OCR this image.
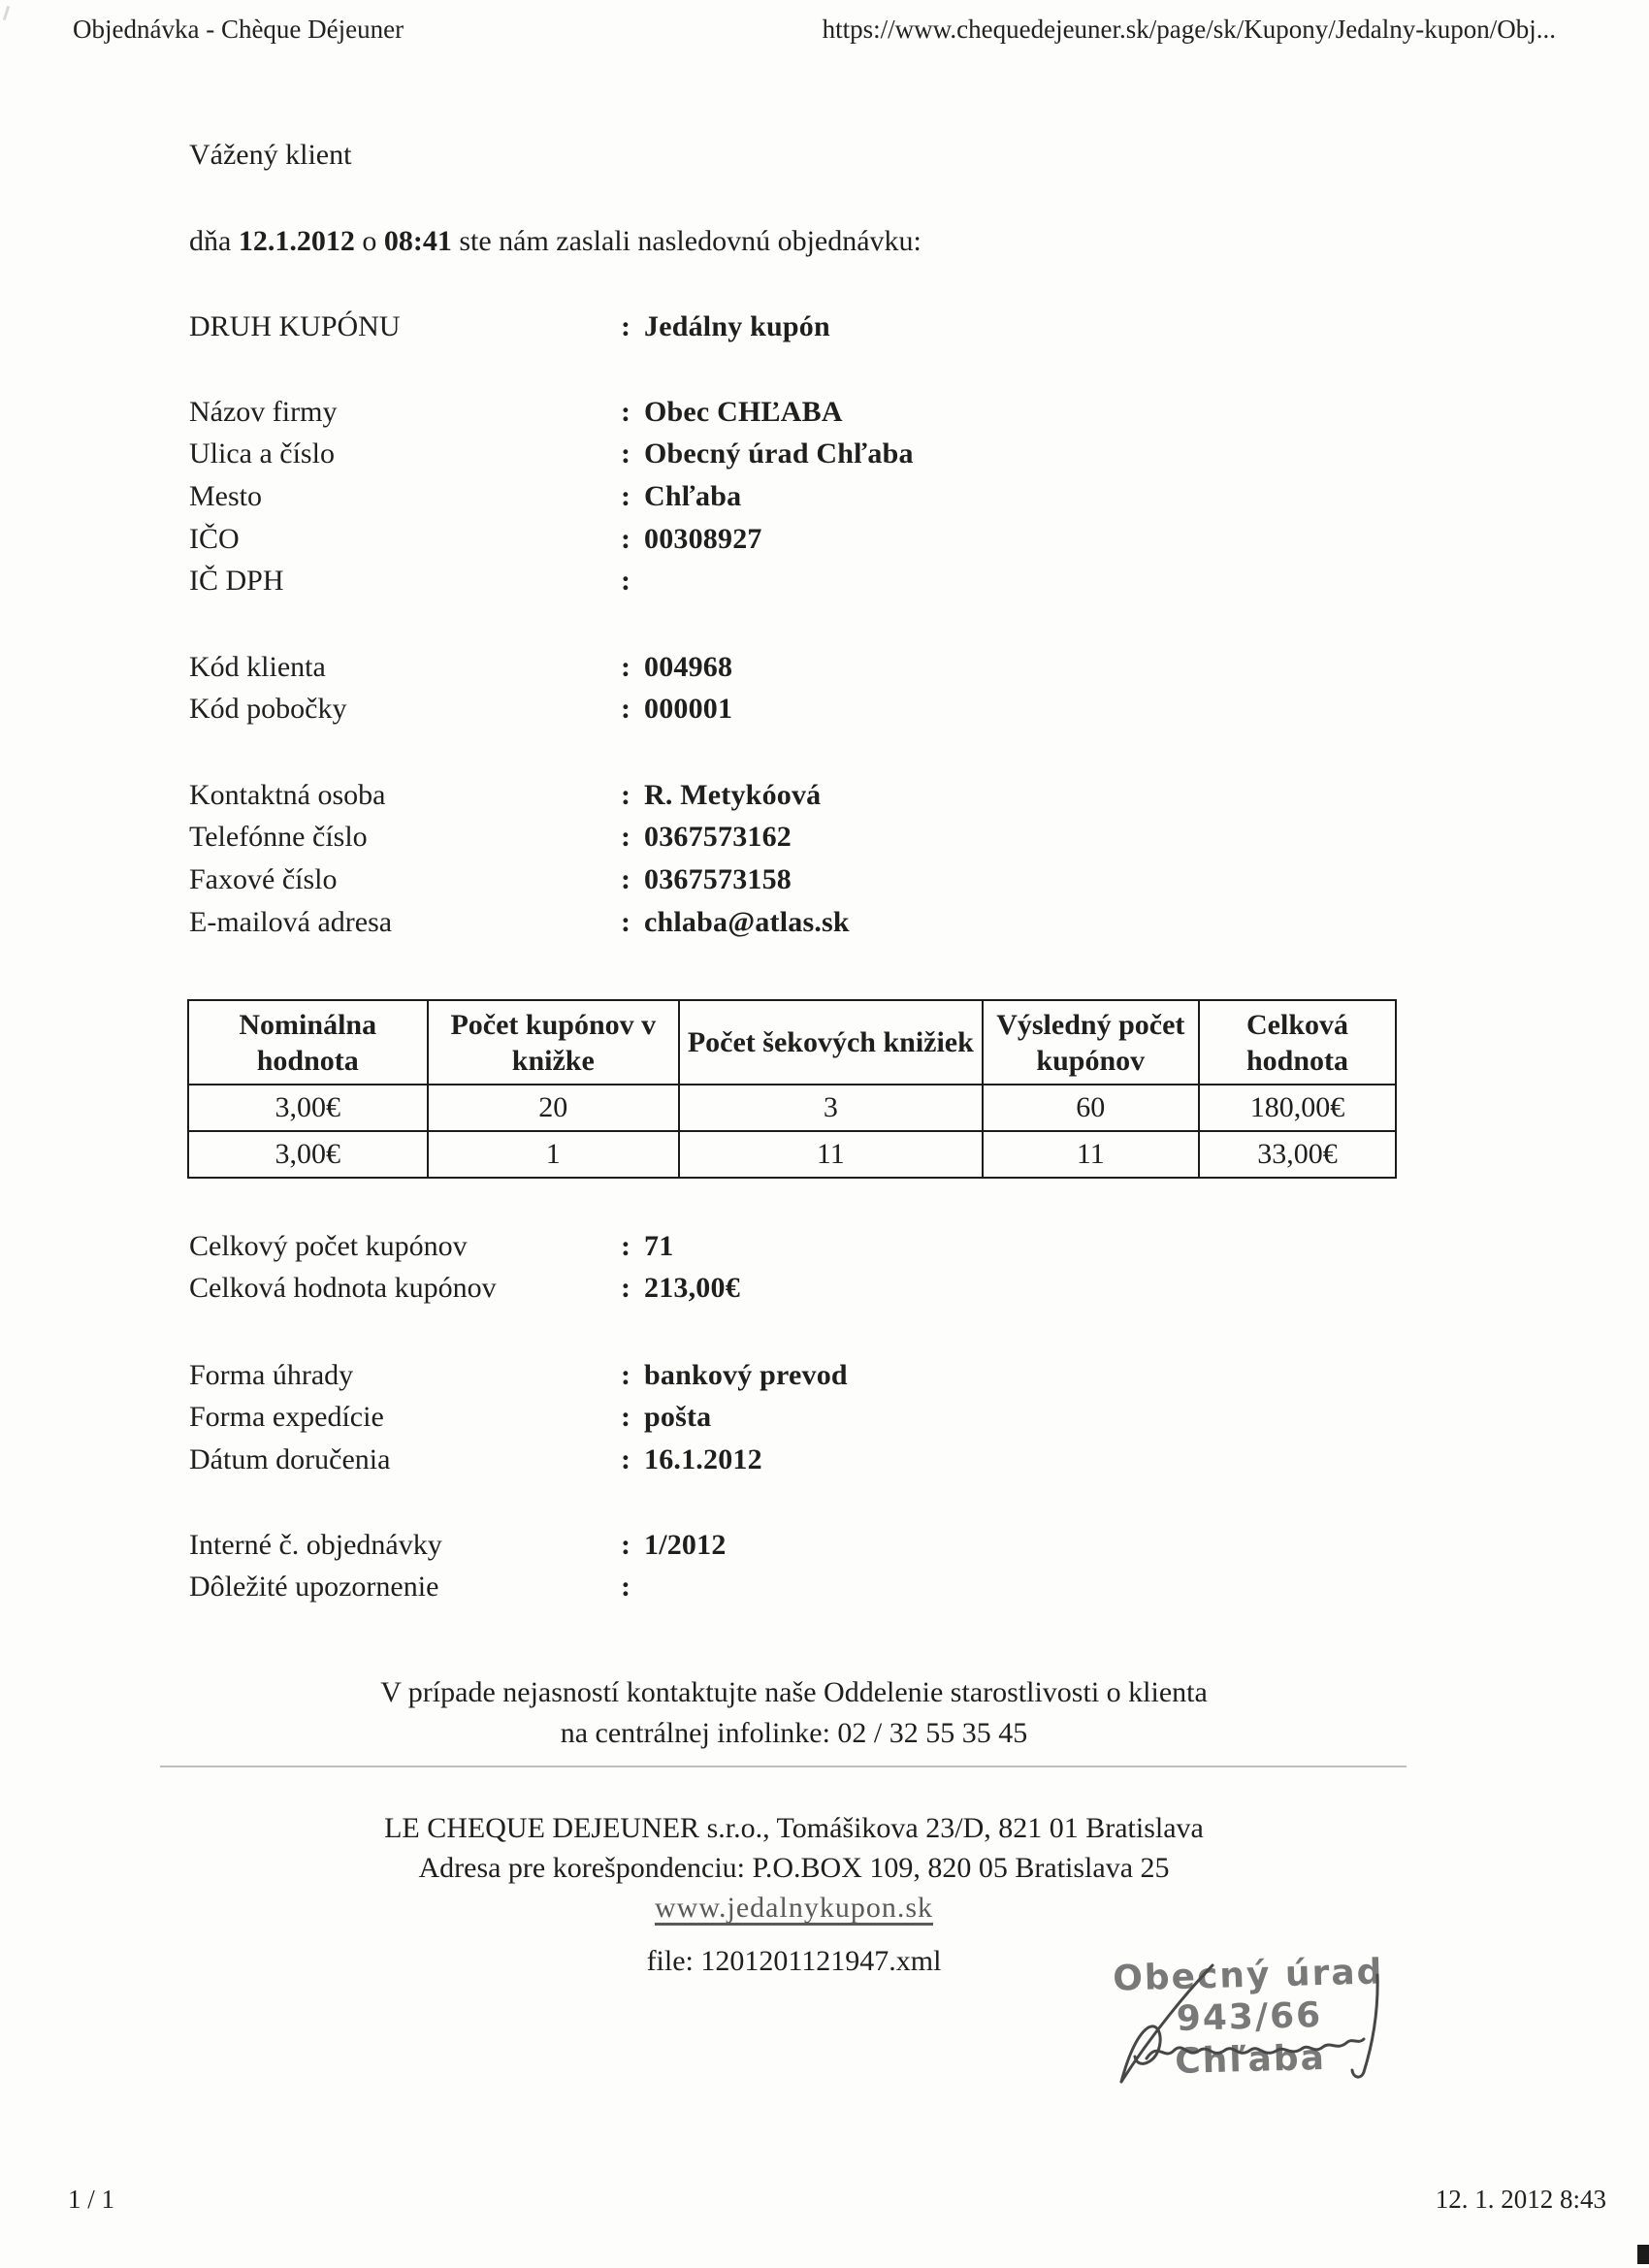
Objednávka - Chèque Déjeuner	https://www.chequedejeuner.sk/page/sk/Kupony/Jedalny-kupon/Obj...
Vážený klient
dňa 12.1.2012 o 08:41 ste nám zaslali nasledovnú objednávku:
DRUH KUPÓNU	: Jedálny kupón
Názov firmy	: Obec CHĽABA
Ulica a číslo	: Obecný úrad Chľaba
Mesto	: Chľaba
IČO	: 00308927
IČ DPH	:
Kód klienta	: 004968
Kód pobočky	: 000001
Kontaktná osoba	: R. Metykóová
Telefónne číslo	: 0367573162
Faxové číslo	: 0367573158
E-mailová adresa	: chlaba@atlas.sk
Nominálna hodnota	Počet kupónov v knižke	Počet šekových knižiek	Výsledný počet kupónov	Celková hodnota
3,00€	20	3	60	180,00€
3,00€	1	11	11	33,00€
Celkový počet kupónov	: 71
Celková hodnota kupónov	: 213,00€
Forma úhrady	: bankový prevod
Forma expedície	: pošta
Dátum doručenia	: 16.1.2012
Interné č. objednávky	: 1/2012
Dôležité upozornenie	:
V prípade nejasností kontaktujte naše Oddelenie starostlivosti o klienta
na centrálnej infolinke: 02 / 32 55 35 45
LE CHEQUE DEJEUNER s.r.o., Tomášikova 23/D, 821 01 Bratislava
Adresa pre korešpondenciu: P.O.BOX 109, 820 05 Bratislava 25
www.jedalnykupon.sk
file: 1201201121947.xml	Obecný úrad
943/66 Chľaba
1 / 1	12. 1. 2012 8:43
